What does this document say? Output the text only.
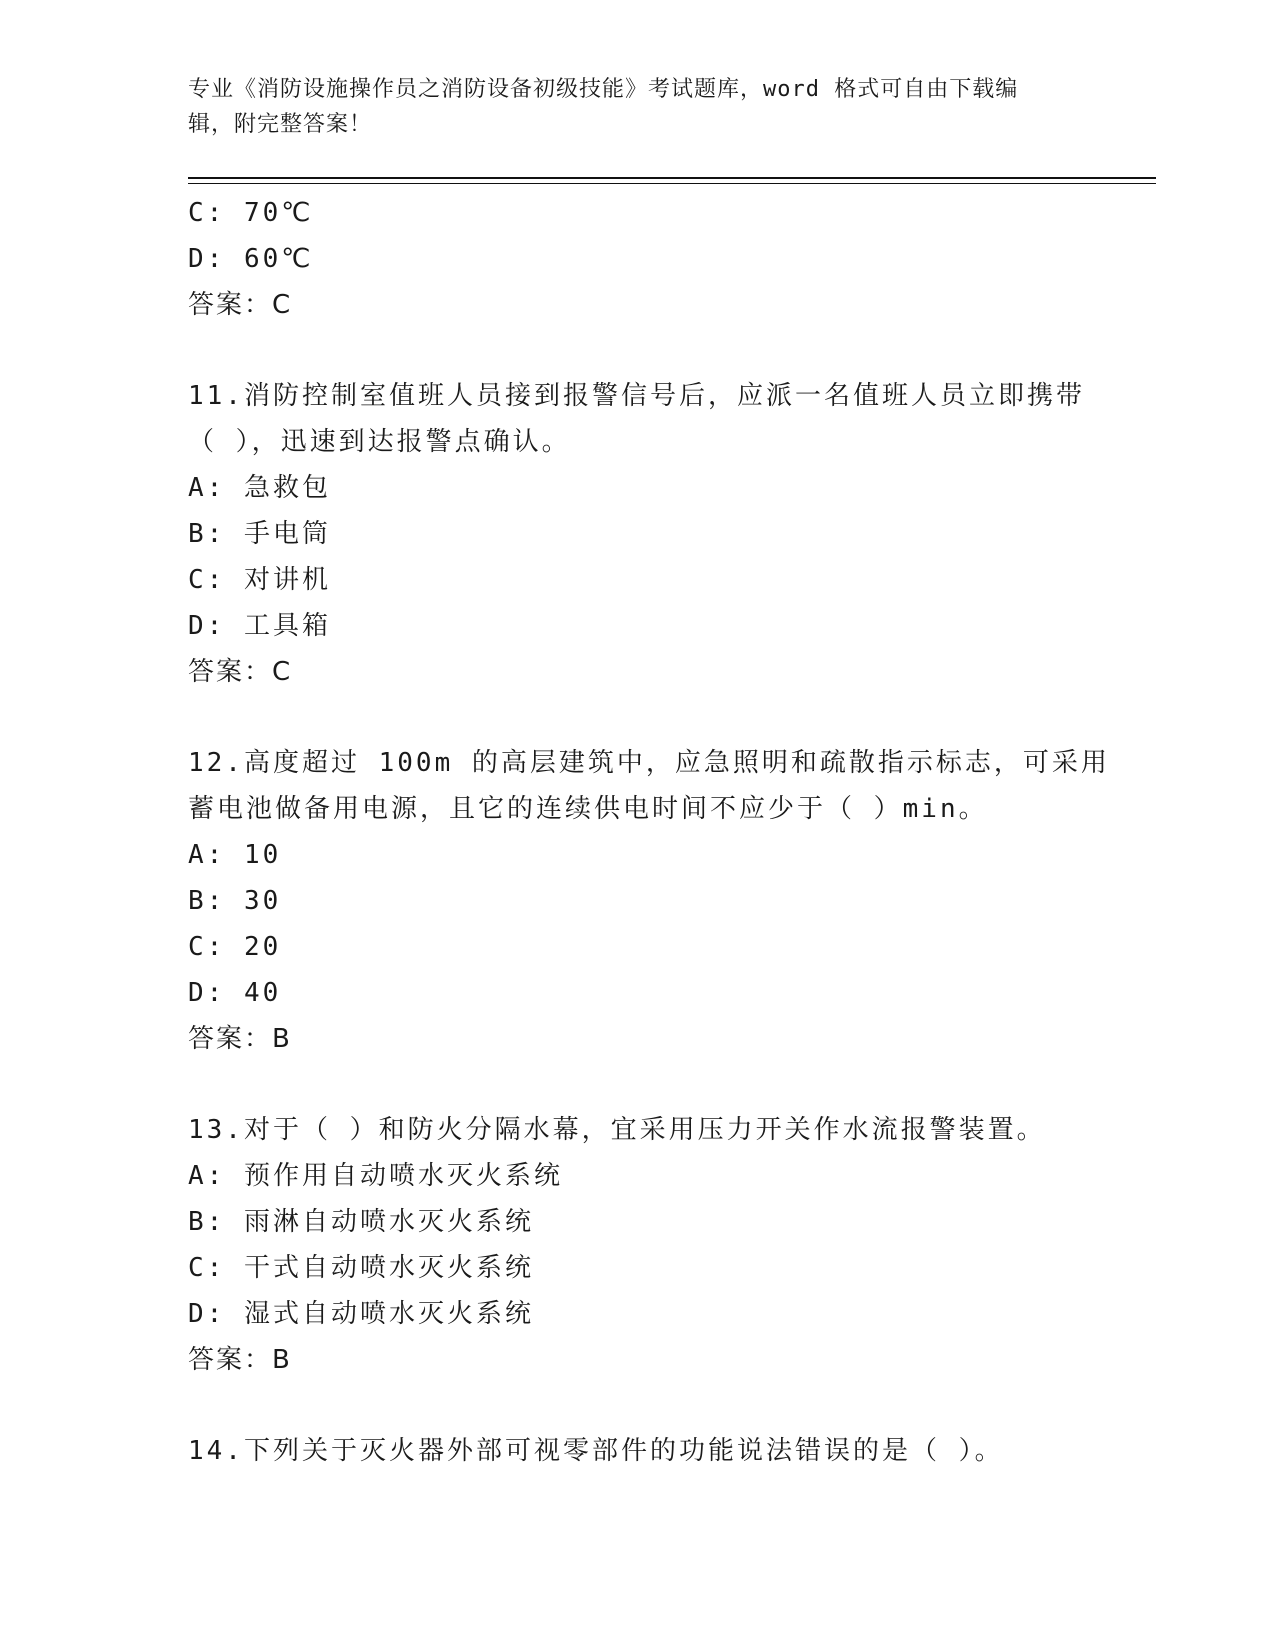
专业《消防设施操作员之消防设备初级技能》考试题库，word 格式可自由下载编
辑，附完整答案！
C: 70℃
D: 60℃
答案：C
11.消防控制室值班人员接到报警信号后，应派一名值班人员立即携带
（ ），迅速到达报警点确认。
A: 急救包
B: 手电筒
C: 对讲机
D: 工具箱
答案：C
12.高度超过 100m 的高层建筑中，应急照明和疏散指示标志，可采用
蓄电池做备用电源，且它的连续供电时间不应少于（ ）min。
A: 10
B: 30
C: 20
D: 40
答案：B
13.对于（ ）和防火分隔水幕，宜采用压力开关作水流报警装置。
A: 预作用自动喷水灭火系统
B: 雨淋自动喷水灭火系统
C: 干式自动喷水灭火系统
D: 湿式自动喷水灭火系统
答案：B
14.下列关于灭火器外部可视零部件的功能说法错误的是（ ）。
